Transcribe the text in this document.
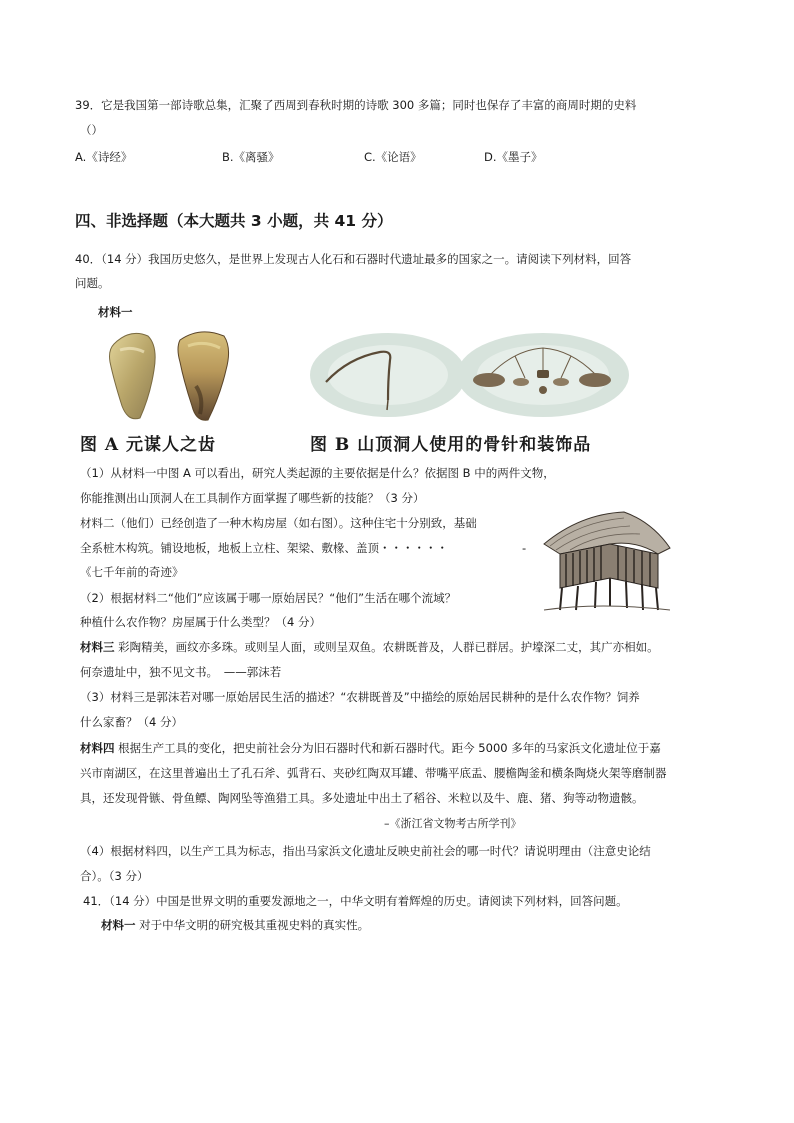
39．它是我国第一部诗歌总集，汇聚了西周到春秋时期的诗歌 300 多篇；同时也保存了丰富的商周时期的史料
（）
A.《诗经》	B.《离骚》	C.《论语》	D.《墨子》
四、非选择题（本大题共 3 小题，共 41 分）
40．（14 分）我国历史悠久，是世界上发现古人化石和石器时代遗址最多的国家之一。请阅读下列材料，回答
问题。
材料一
图 A 元谋人之齿	图 B 山顶洞人使用的骨针和装饰品
（1）从材料一中图 A 可以看出，研究人类起源的主要依据是什么？依据图 B 中的两件文物，
你能推测出山顶洞人在工具制作方面掌握了哪些新的技能？（3 分）
材料二（他们）已经创造了一种木构房屋（如右图）。这种住宅十分别致，基础
全系桩木构筑。铺设地板，地板上立柱、架梁、敷椽、盖顶・・・・・・	-
《七千年前的奇迹》
（2）根据材料二“他们”应该属于哪一原始居民？“他们”生活在哪个流域？
种植什么农作物？房屋属于什么类型？（4 分）
材料三 彩陶精美，画纹亦多珠。或则呈人面，或则呈双鱼。农耕既普及，人群已群居。护壕深二丈，其广亦相如。
何奈遗址中，独不见文书。　——郭沫若
（3）材料三是郭沫若对哪一原始居民生活的描述？“农耕既普及”中描绘的原始居民耕种的是什么农作物？饲养
什么家畜？（4 分）
材料四 根据生产工具的变化，把史前社会分为旧石器时代和新石器时代。距今 5000 多年的马家浜文化遗址位于嘉
兴市南湖区，在这里普遍出土了孔石斧、弧背石、夹砂红陶双耳罐、带嘴平底盂、腰檐陶釜和横条陶烧火架等磨制器
具，还发现骨镞、骨鱼鳔、陶网坠等渔猎工具。多处遗址中出土了稻谷、米粒以及牛、鹿、猪、狗等动物遗骸。
–《浙江省文物考古所学刊》
（4）根据材料四，以生产工具为标志，指出马家浜文化遗址反映史前社会的哪一时代？请说明理由（注意史论结
合）。（3 分）
41．（14 分）中国是世界文明的重要发源地之一，中华文明有着辉煌的历史。请阅读下列材料，回答问题。
材料一 对于中华文明的研究极其重视史料的真实性。
